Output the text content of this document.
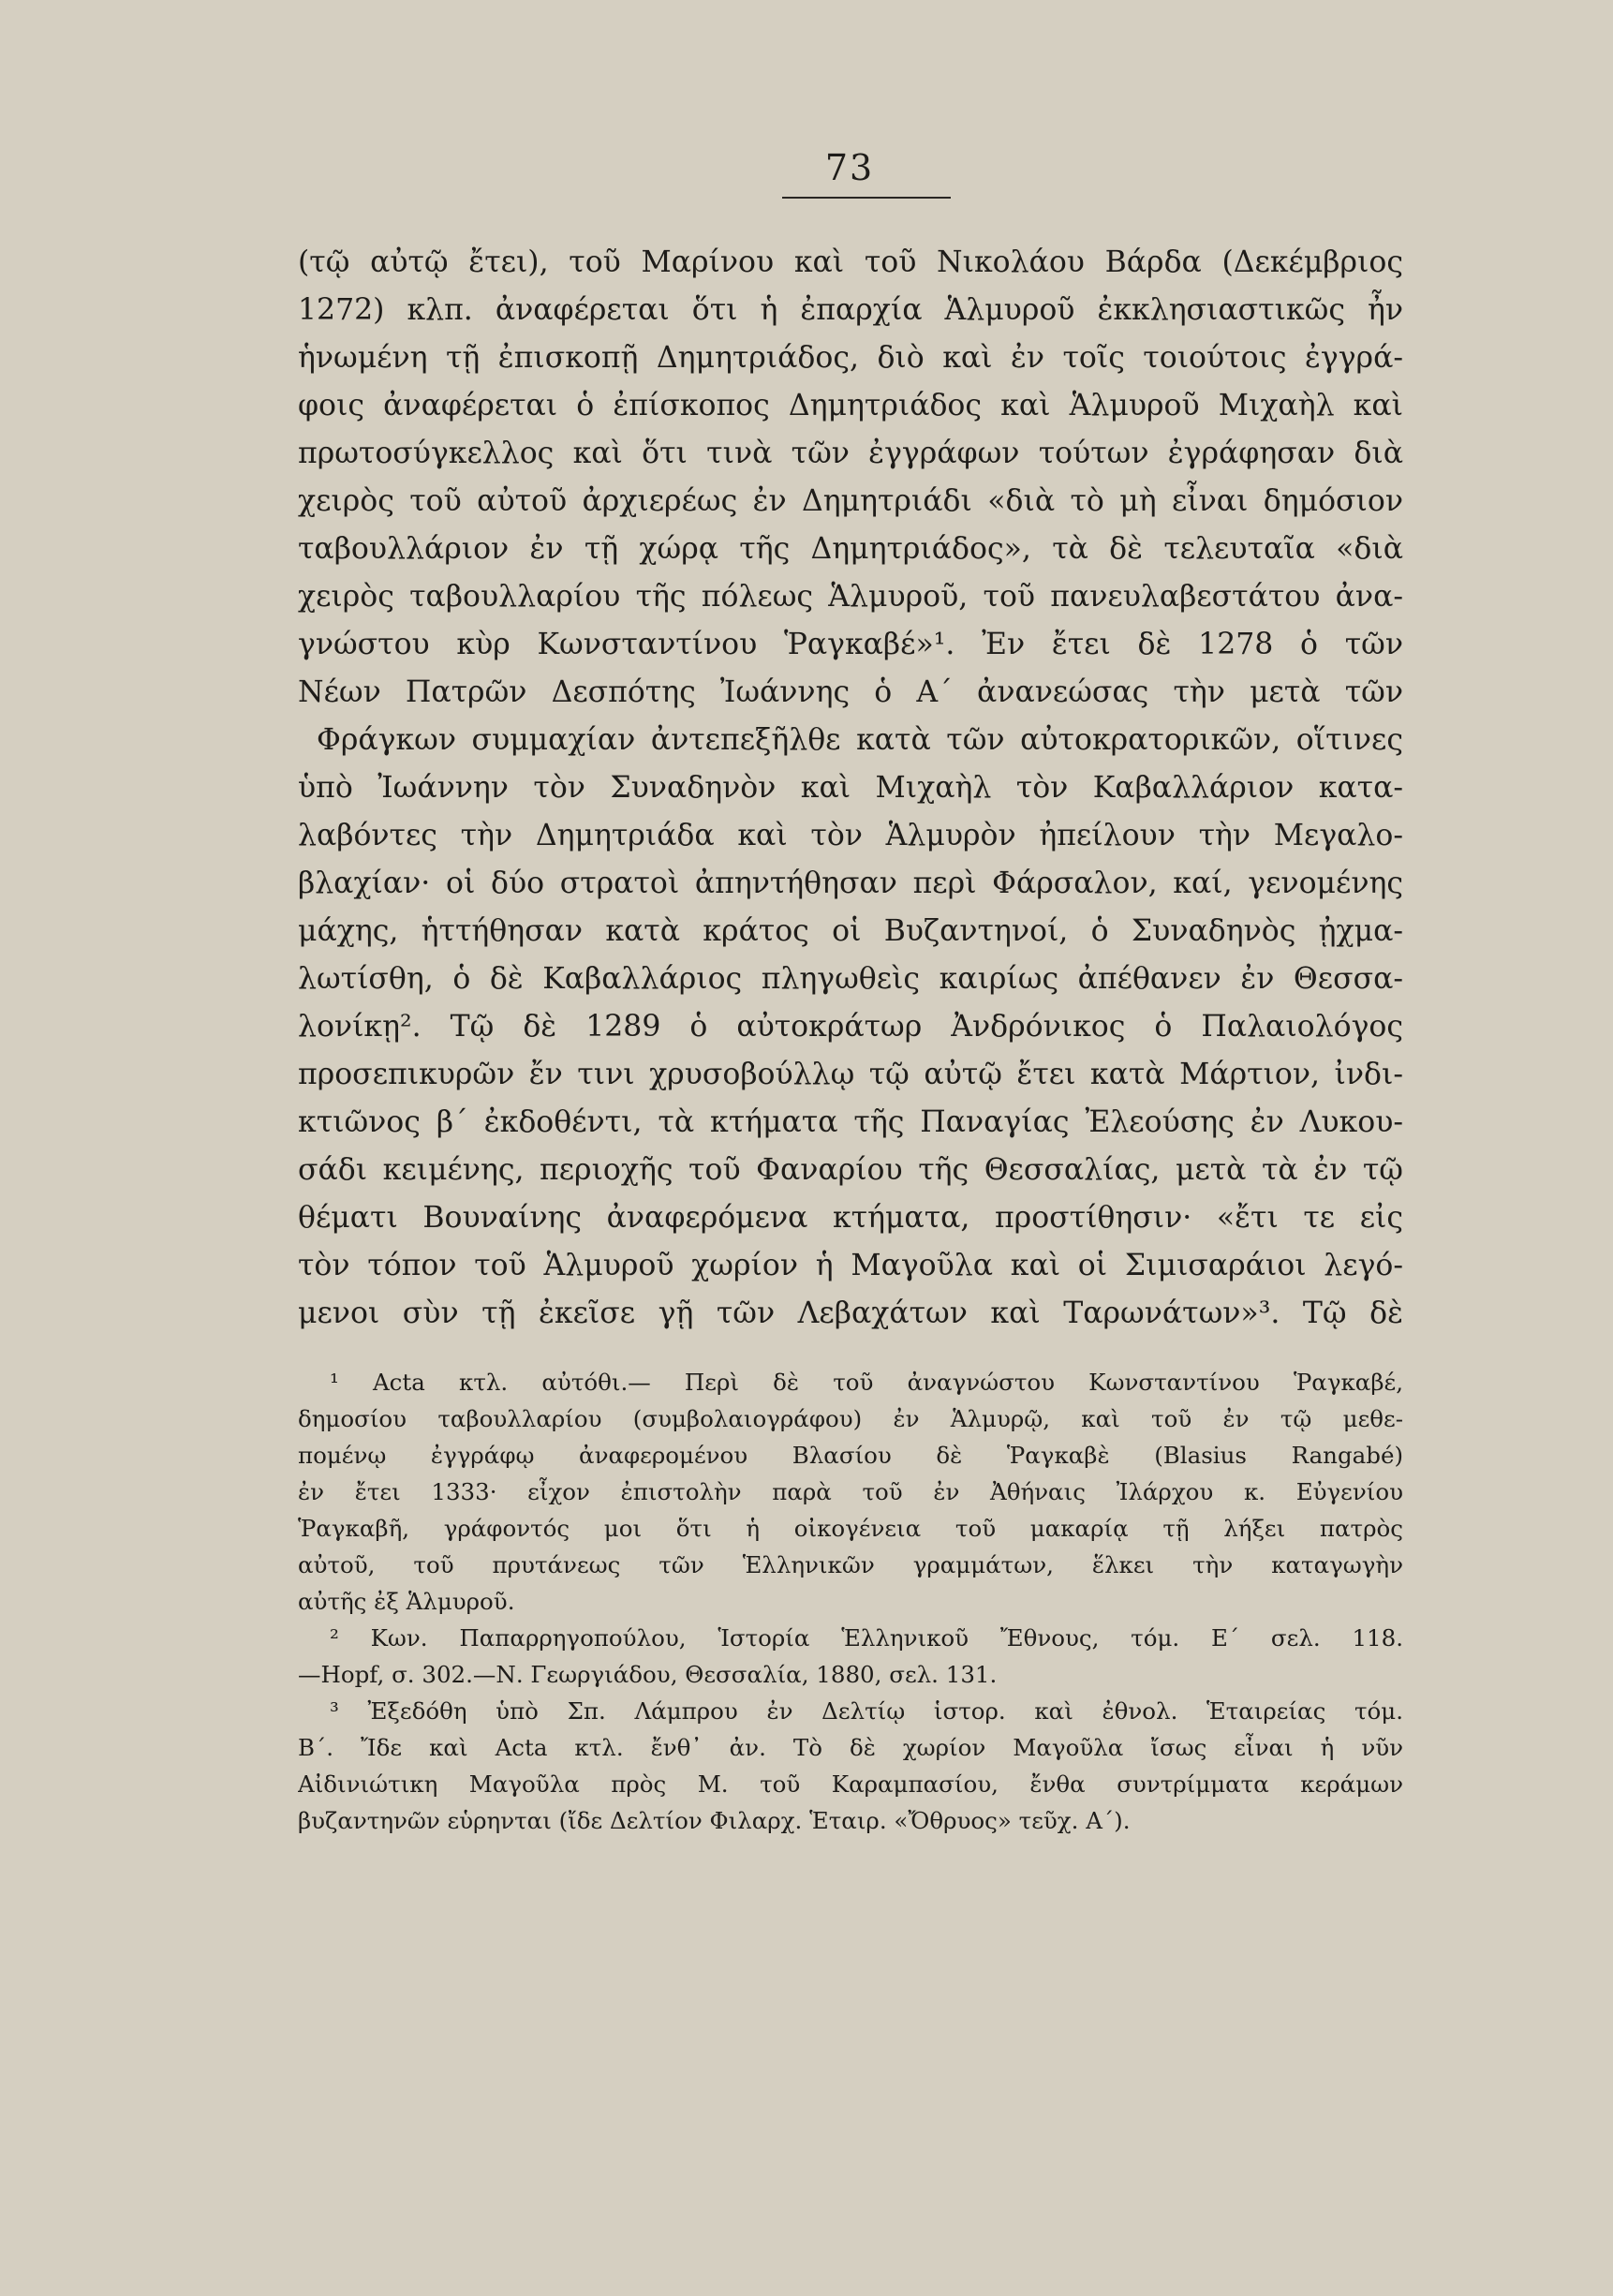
73
(τῷ αὐτῷ ἔτει), τοῦ Μαρίνου καὶ τοῦ Νικολάου Βάρδα (Δεκέμβριος
1272) κλπ. ἀναφέρεται ὅτι ἡ ἐπαρχία Ἁλμυροῦ ἐκκλησιαστικῶς ἦν
ἡνωμένη τῇ ἐπισκοπῇ Δημητριάδος, διὸ καὶ ἐν τοῖς τοιούτοις ἐγγρά-
φοις ἀναφέρεται ὁ ἐπίσκοπος Δημητριάδος καὶ Ἁλμυροῦ Μιχαὴλ καὶ
πρωτοσύγκελλος καὶ ὅτι τινὰ τῶν ἐγγράφων τούτων ἐγράφησαν διὰ
χειρὸς τοῦ αὐτοῦ ἀρχιερέως ἐν Δημητριάδι «διὰ τὸ μὴ εἶναι δημόσιον
ταβουλλάριον ἐν τῇ χώρᾳ τῆς Δημητριάδος», τὰ δὲ τελευταῖα «διὰ
χειρὸς ταβουλλαρίου τῆς πόλεως Ἁλμυροῦ, τοῦ πανευλαβεστάτου ἀνα-
γνώστου κὺρ Κωνσταντίνου Ῥαγκαβέ»¹. Ἐν ἔτει δὲ 1278 ὁ τῶν
Νέων Πατρῶν Δεσπότης Ἰωάννης ὁ Α´ ἀνανεώσας τὴν μετὰ τῶν
Φράγκων συμμαχίαν ἀντεπεξῆλθε κατὰ τῶν αὐτοκρατορικῶν, οἵτινες
ὑπὸ Ἰωάννην τὸν Συναδηνὸν καὶ Μιχαὴλ τὸν Καβαλλάριον κατα-
λαβόντες τὴν Δημητριάδα καὶ τὸν Ἁλμυρὸν ἠπείλουν τὴν Μεγαλο-
βλαχίαν· οἱ δύο στρατοὶ ἀπηντήθησαν περὶ Φάρσαλον, καί, γενομένης
μάχης, ἡττήθησαν κατὰ κράτος οἱ Βυζαντηνοί, ὁ Συναδηνὸς ᾐχμα-
λωτίσθη, ὁ δὲ Καβαλλάριος πληγωθεὶς καιρίως ἀπέθανεν ἐν Θεσσα-
λονίκῃ². Τῷ δὲ 1289 ὁ αὐτοκράτωρ Ἀνδρόνικος ὁ Παλαιολόγος
προσεπικυρῶν ἔν τινι χρυσοβούλλῳ τῷ αὐτῷ ἔτει κατὰ Μάρτιον, ἰνδι-
κτιῶνος β´ ἐκδοθέντι, τὰ κτήματα τῆς Παναγίας Ἐλεούσης ἐν Λυκου-
σάδι κειμένης, περιοχῆς τοῦ Φαναρίου τῆς Θεσσαλίας, μετὰ τὰ ἐν τῷ
θέματι Βουναίνης ἀναφερόμενα κτήματα, προστίθησιν· «ἔτι τε εἰς
τὸν τόπον τοῦ Ἁλμυροῦ χωρίον ἡ Μαγοῦλα καὶ οἱ Σιμισαράιοι λεγό-
μενοι σὺν τῇ ἐκεῖσε γῇ τῶν Λεβαχάτων καὶ Ταρωνάτων»³. Τῷ δὲ
¹ Acta κτλ. αὐτόθι.— Περὶ δὲ τοῦ ἀναγνώστου Κωνσταντίνου Ῥαγκαβέ,
δημοσίου ταβουλλαρίου (συμβολαιογράφου) ἐν Ἁλμυρῷ, καὶ τοῦ ἐν τῷ μεθε-
πομένῳ ἐγγράφῳ ἀναφερομένου Βλασίου δὲ Ῥαγκαβὲ (Blasius Rangabé)
ἐν ἔτει 1333· εἶχον ἐπιστολὴν παρὰ τοῦ ἐν Ἀθήναις Ἰλάρχου κ. Εὐγενίου
Ῥαγκαβῆ, γράφοντός μοι ὅτι ἡ οἰκογένεια τοῦ μακαρίᾳ τῇ λήξει πατρὸς
αὐτοῦ, τοῦ πρυτάνεως τῶν Ἑλληνικῶν γραμμάτων, ἕλκει τὴν καταγωγὴν
αὐτῆς ἐξ Ἁλμυροῦ.
² Κων. Παπαρρηγοπούλου, Ἱστορία Ἑλληνικοῦ Ἔθνους, τόμ. Ε´ σελ. 118.
—Hopf, σ. 302.—Ν. Γεωργιάδου, Θεσσαλία, 1880, σελ. 131.
³ Ἐξεδόθη ὑπὸ Σπ. Λάμπρου ἐν Δελτίῳ ἱστορ. καὶ ἐθνολ. Ἑταιρείας τόμ.
Β´. Ἴδε καὶ Acta κτλ. ἔνθ᾽ ἀν. Τὸ δὲ χωρίον Μαγοῦλα ἴσως εἶναι ἡ νῦν
Αἰδινιώτικη Μαγοῦλα πρὸς Μ. τοῦ Καραμπασίου, ἔνθα συντρίμματα κεράμων
βυζαντηνῶν εὑρηνται (ἴδε Δελτίον Φιλαρχ. Ἑταιρ. «Ὄθρυος» τεῦχ. Α´).
